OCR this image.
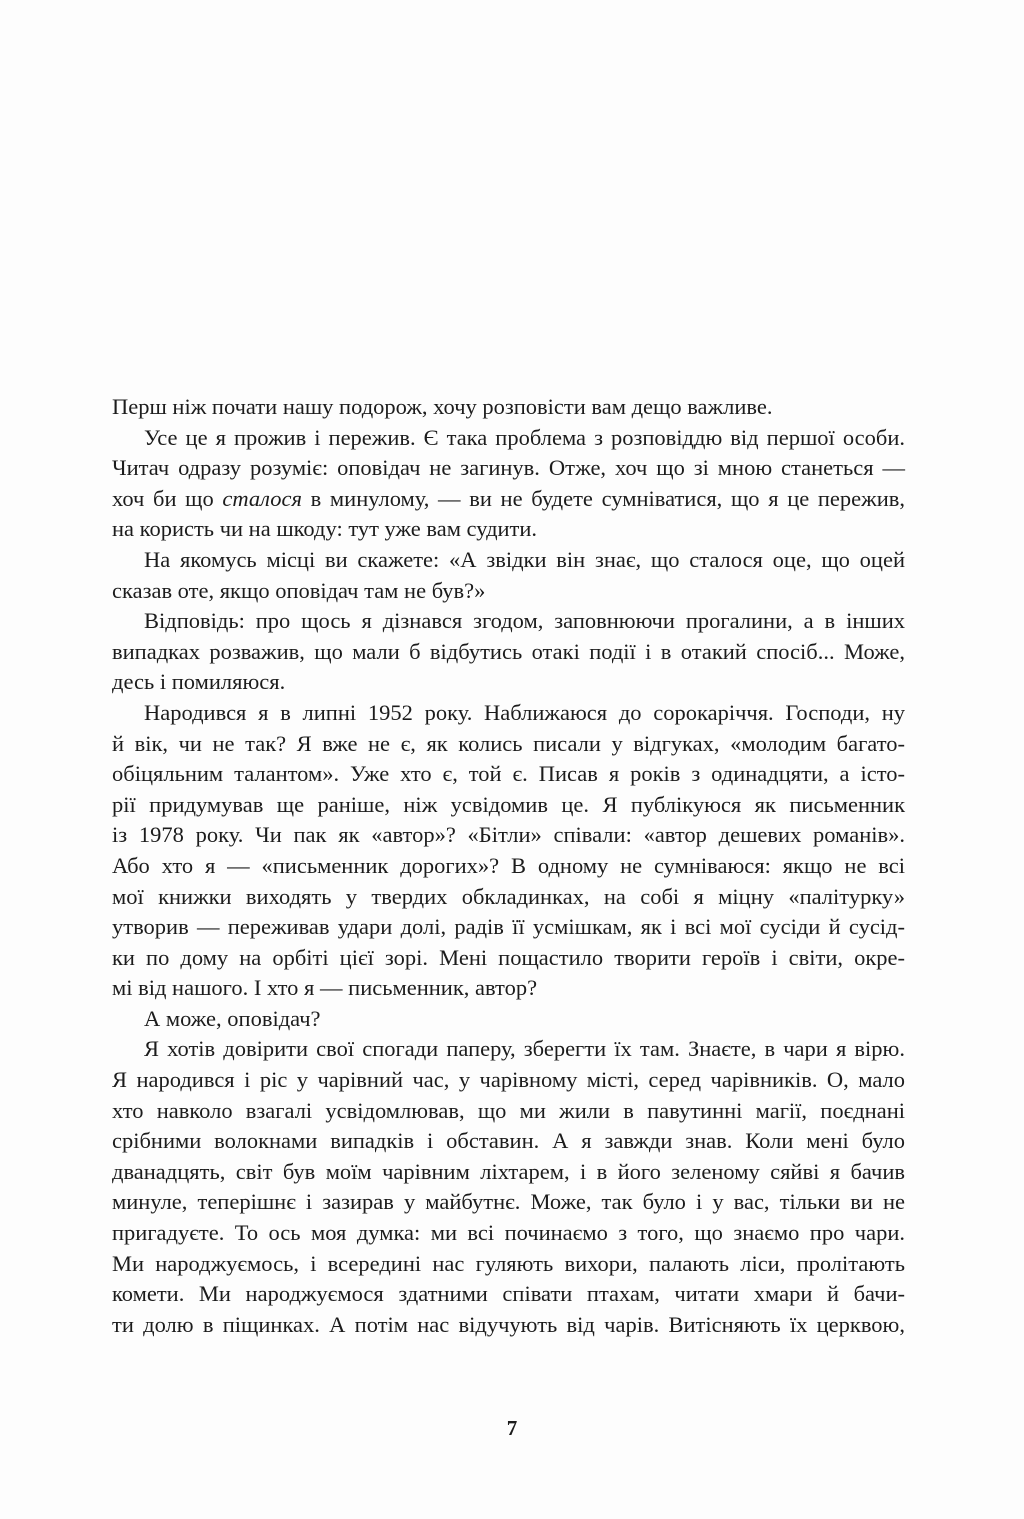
Перш ніж почати нашу подорож, хочу розповісти вам дещо важливе.
Усе це я прожив і пережив. Є така проблема з розповіддю від першої особи.
Читач одразу розуміє: оповідач не загинув. Отже, хоч що зі мною станеться —
хоч би що сталося в минулому, — ви не будете сумніватися, що я це пережив,
на користь чи на шкоду: тут уже вам судити.
На якомусь місці ви скажете: «А звідки він знає, що сталося оце, що оцей
сказав оте, якщо оповідач там не був?»
Відповідь: про щось я дізнався згодом, заповнюючи прогалини, а в інших
випадках розважив, що мали б відбутись отакі події і в отакий спосіб... Може,
десь і помиляюся.
Народився я в липні 1952 року. Наближаюся до сорокаріччя. Господи, ну
й вік, чи не так? Я вже не є, як колись писали у відгуках, «молодим багато-
обіцяльним талантом». Уже хто є, той є. Писав я років з одинадцяти, а істо-
рії придумував ще раніше, ніж усвідомив це. Я публікуюся як письменник
із 1978 року. Чи пак як «автор»? «Бітли» співали: «автор дешевих романів».
Або хто я — «письменник дорогих»? В одному не сумніваюся: якщо не всі
мої книжки виходять у твердих обкладинках, на собі я міцну «палітурку»
утворив — переживав удари долі, радів її усмішкам, як і всі мої сусіди й сусід-
ки по дому на орбіті цієї зорі. Мені пощастило творити героїв і світи, окре-
мі від нашого. І хто я — письменник, автор?
А може, оповідач?
Я хотів довірити свої спогади паперу, зберегти їх там. Знаєте, в чари я вірю.
Я народився і ріс у чарівний час, у чарівному місті, серед чарівників. О, мало
хто навколо взагалі усвідомлював, що ми жили в павутинні магії, поєднані
срібними волокнами випадків і обставин. А я завжди знав. Коли мені було
дванадцять, світ був моїм чарівним ліхтарем, і в його зеленому сяйві я бачив
минуле, теперішнє і зазирав у майбутнє. Може, так було і у вас, тільки ви не
пригадуєте. То ось моя думка: ми всі починаємо з того, що знаємо про чари.
Ми народжуємось, і всередині нас гуляють вихори, палають ліси, пролітають
комети. Ми народжуємося здатними співати птахам, читати хмари й бачи-
ти долю в піщинках. А потім нас відучують від чарів. Витісняють їх церквою,
7
